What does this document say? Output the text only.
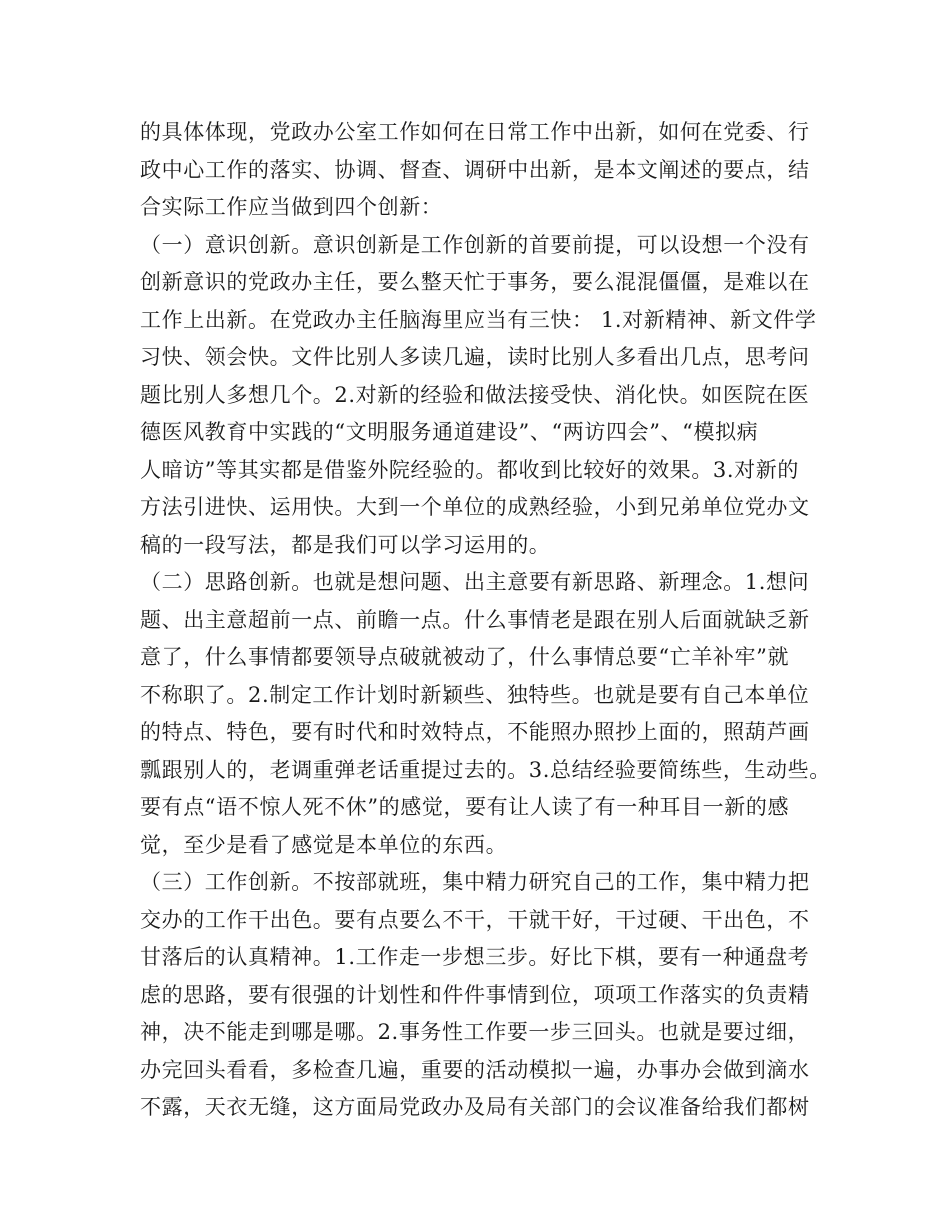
的具体体现，党政办公室工作如何在日常工作中出新，如何在党委、行
政中心工作的落实、协调、督查、调研中出新，是本文阐述的要点，结
合实际工作应当做到四个创新：
（一）意识创新。意识创新是工作创新的首要前提，可以设想一个没有
创新意识的党政办主任，要么整天忙于事务，要么混混僵僵，是难以在
工作上出新。在党政办主任脑海里应当有三快： 1.对新精神、新文件学
习快、领会快。文件比别人多读几遍，读时比别人多看出几点，思考问
题比别人多想几个。2.对新的经验和做法接受快、消化快。如医院在医
德医风教育中实践的“文明服务通道建设”、“两访四会”、“模拟病
人暗访”等其实都是借鉴外院经验的。都收到比较好的效果。3.对新的
方法引进快、运用快。大到一个单位的成熟经验，小到兄弟单位党办文
稿的一段写法，都是我们可以学习运用的。
（二）思路创新。也就是想问题、出主意要有新思路、新理念。1.想问
题、出主意超前一点、前瞻一点。什么事情老是跟在别人后面就缺乏新
意了，什么事情都要领导点破就被动了，什么事情总要“亡羊补牢”就
不称职了。2.制定工作计划时新颖些、独特些。也就是要有自己本单位
的特点、特色，要有时代和时效特点，不能照办照抄上面的，照葫芦画
瓢跟别人的，老调重弹老话重提过去的。3.总结经验要简练些，生动些。
要有点“语不惊人死不休”的感觉，要有让人读了有一种耳目一新的感
觉，至少是看了感觉是本单位的东西。
（三）工作创新。不按部就班，集中精力研究自己的工作，集中精力把
交办的工作干出色。要有点要么不干，干就干好，干过硬、干出色，不
甘落后的认真精神。1.工作走一步想三步。好比下棋，要有一种通盘考
虑的思路，要有很强的计划性和件件事情到位，项项工作落实的负责精
神，决不能走到哪是哪。2.事务性工作要一步三回头。也就是要过细，
办完回头看看，多检查几遍，重要的活动模拟一遍，办事办会做到滴水
不露，天衣无缝，这方面局党政办及局有关部门的会议准备给我们都树
